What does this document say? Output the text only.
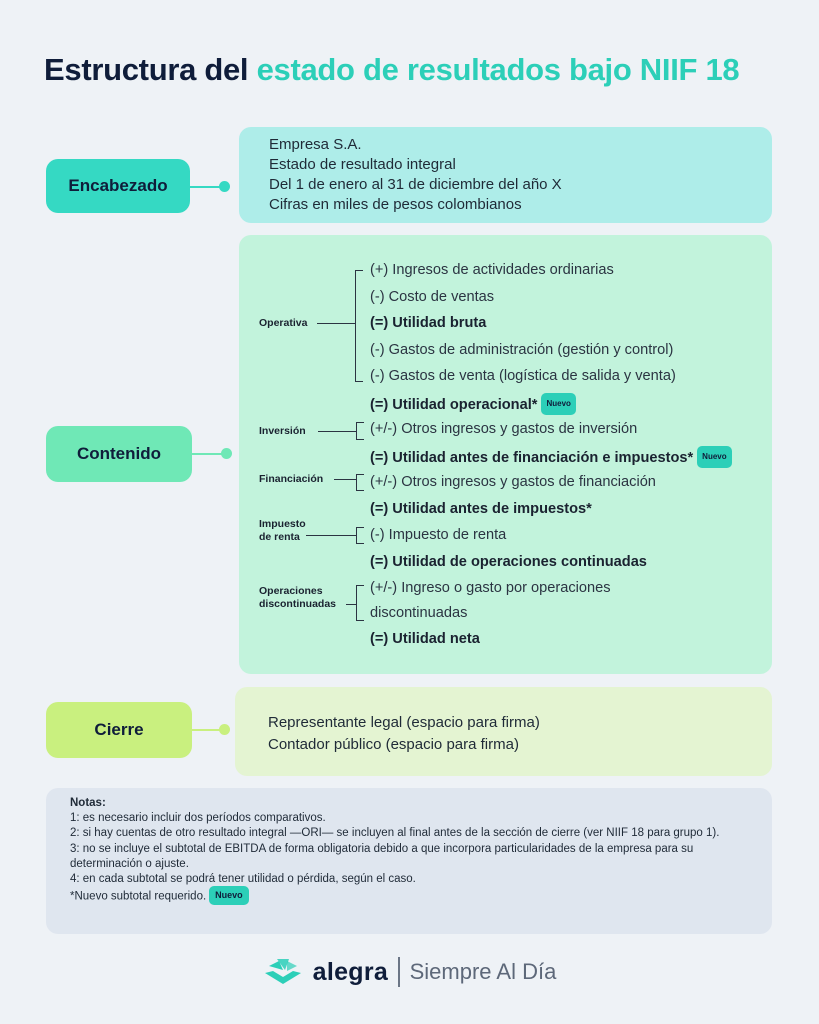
Estructura del estado de resultados bajo NIIF 18
Encabezado
Empresa S.A.
Estado de resultado integral
Del 1 de enero al 31 de diciembre del año X
Cifras en miles de pesos colombianos
Contenido
Operativa
Inversión
Financiación
Impuesto
de renta
Operaciones
discontinuadas
(+) Ingresos de actividades ordinarias
(-) Costo de ventas
(=) Utilidad bruta
(-) Gastos de administración (gestión y control)
(-) Gastos de venta (logística de salida y venta)
(=) Utilidad operacional* Nuevo
(+/-) Otros ingresos y gastos de inversión
(=) Utilidad antes de financiación e impuestos* Nuevo
(+/-) Otros ingresos y gastos de financiación
(=) Utilidad antes de impuestos*
(-) Impuesto de renta
(=) Utilidad de operaciones continuadas
(+/-) Ingreso o gasto por operaciones
discontinuadas
(=) Utilidad neta
Cierre	Representante legal (espacio para firma)
Contador público (espacio para firma)
Notas:
1: es necesario incluir dos períodos comparativos.
2: si hay cuentas de otro resultado integral —ORI— se incluyen al final antes de la sección de cierre (ver NIIF 18 para grupo 1).
3: no se incluye el subtotal de EBITDA de forma obligatoria debido a que incorpora particularidades de la empresa para su determinación o ajuste.
4: en cada subtotal se podrá tener utilidad o pérdida, según el caso.
*Nuevo subtotal requerido. Nuevo
alegra Siempre Al Día
